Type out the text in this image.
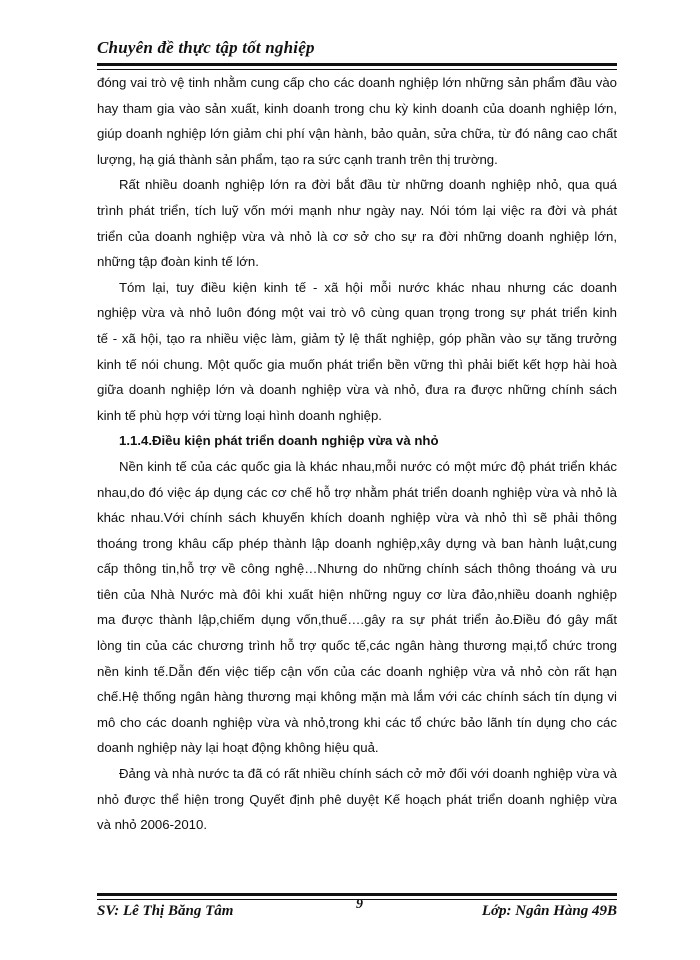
Chuyên đề thực tập tốt nghiệp
đóng vai trò vệ tinh nhằm cung cấp cho các doanh nghiệp lớn những sản phẩm đầu vào
hay tham gia vào sản xuất, kinh doanh trong chu kỳ kinh doanh của doanh nghiệp lớn,
giúp doanh nghiệp lớn giảm chi phí vận hành, bảo quản, sửa chữa, từ đó nâng cao chất
lượng, hạ giá thành sản phẩm, tạo ra sức cạnh tranh trên thị trường.
Rất nhiều doanh nghiệp lớn ra đời bắt đầu từ những doanh nghiệp nhỏ, qua quá
trình phát triển, tích luỹ vốn mới mạnh như ngày nay. Nói tóm lại việc ra đời và phát
triển của doanh nghiệp vừa và nhỏ là cơ sở cho sự ra đời những doanh nghiệp lớn,
những tập đoàn kinh tế lớn.
Tóm lại, tuy điều kiện kinh tế - xã hội mỗi nước khác nhau nhưng các doanh
nghiệp vừa và nhỏ luôn đóng một vai trò vô cùng quan trọng trong sự phát triển kinh
tế - xã hội, tạo ra nhiều việc làm, giảm tỷ lệ thất nghiệp, góp phần vào sự tăng trưởng
kinh tế nói chung. Một quốc gia muốn phát triển bền vững thì phải biết kết hợp hài hoà
giữa doanh nghiệp lớn và doanh nghiệp vừa và nhỏ, đưa ra được những chính sách
kinh tế phù hợp với từng loại hình doanh nghiệp.
1.1.4.Điều kiện phát triển doanh nghiệp vừa và nhỏ
Nền kinh tế của các quốc gia là khác nhau,mỗi nước có một mức độ phát triển khác
nhau,do đó việc áp dụng các cơ chế hỗ trợ nhằm phát triển doanh nghiệp vừa và nhỏ là
khác nhau.Với chính sách khuyến khích doanh nghiệp vừa và nhỏ thì sẽ phải thông
thoáng trong khâu cấp phép thành lập doanh nghiệp,xây dựng và ban hành luật,cung
cấp thông tin,hỗ trợ về công nghệ…Nhưng do những chính sách thông thoáng và ưu
tiên của Nhà Nước mà đôi khi xuất hiện những nguy cơ lừa đảo,nhiều doanh nghiệp
ma được thành lập,chiếm dụng vốn,thuế….gây ra sự phát triển ảo.Điều đó gây mất
lòng tin của các chương trình hỗ trợ quốc tế,các ngân hàng thương mại,tổ chức trong
nền kinh tế.Dẫn đến việc tiếp cận vốn của các doanh nghiệp vừa vả nhỏ còn rất hạn
chế.Hệ thống ngân hàng thương mại không mặn mà lắm với các chính sách tín dụng vi
mô cho các doanh nghiệp vừa và nhỏ,trong khi các tổ chức bảo lãnh tín dụng cho các
doanh nghiệp này lại hoạt động không hiệu quả.
Đảng và nhà nước ta đã có rất nhiều chính sách cở mở đối với doanh nghiệp vừa và
nhỏ được thể hiện trong Quyết định phê duyệt Kế hoạch phát triển doanh nghiệp vừa
và nhỏ 2006-2010.
SV: Lê Thị Băng Tâm	9	Lớp: Ngân Hàng 49B
